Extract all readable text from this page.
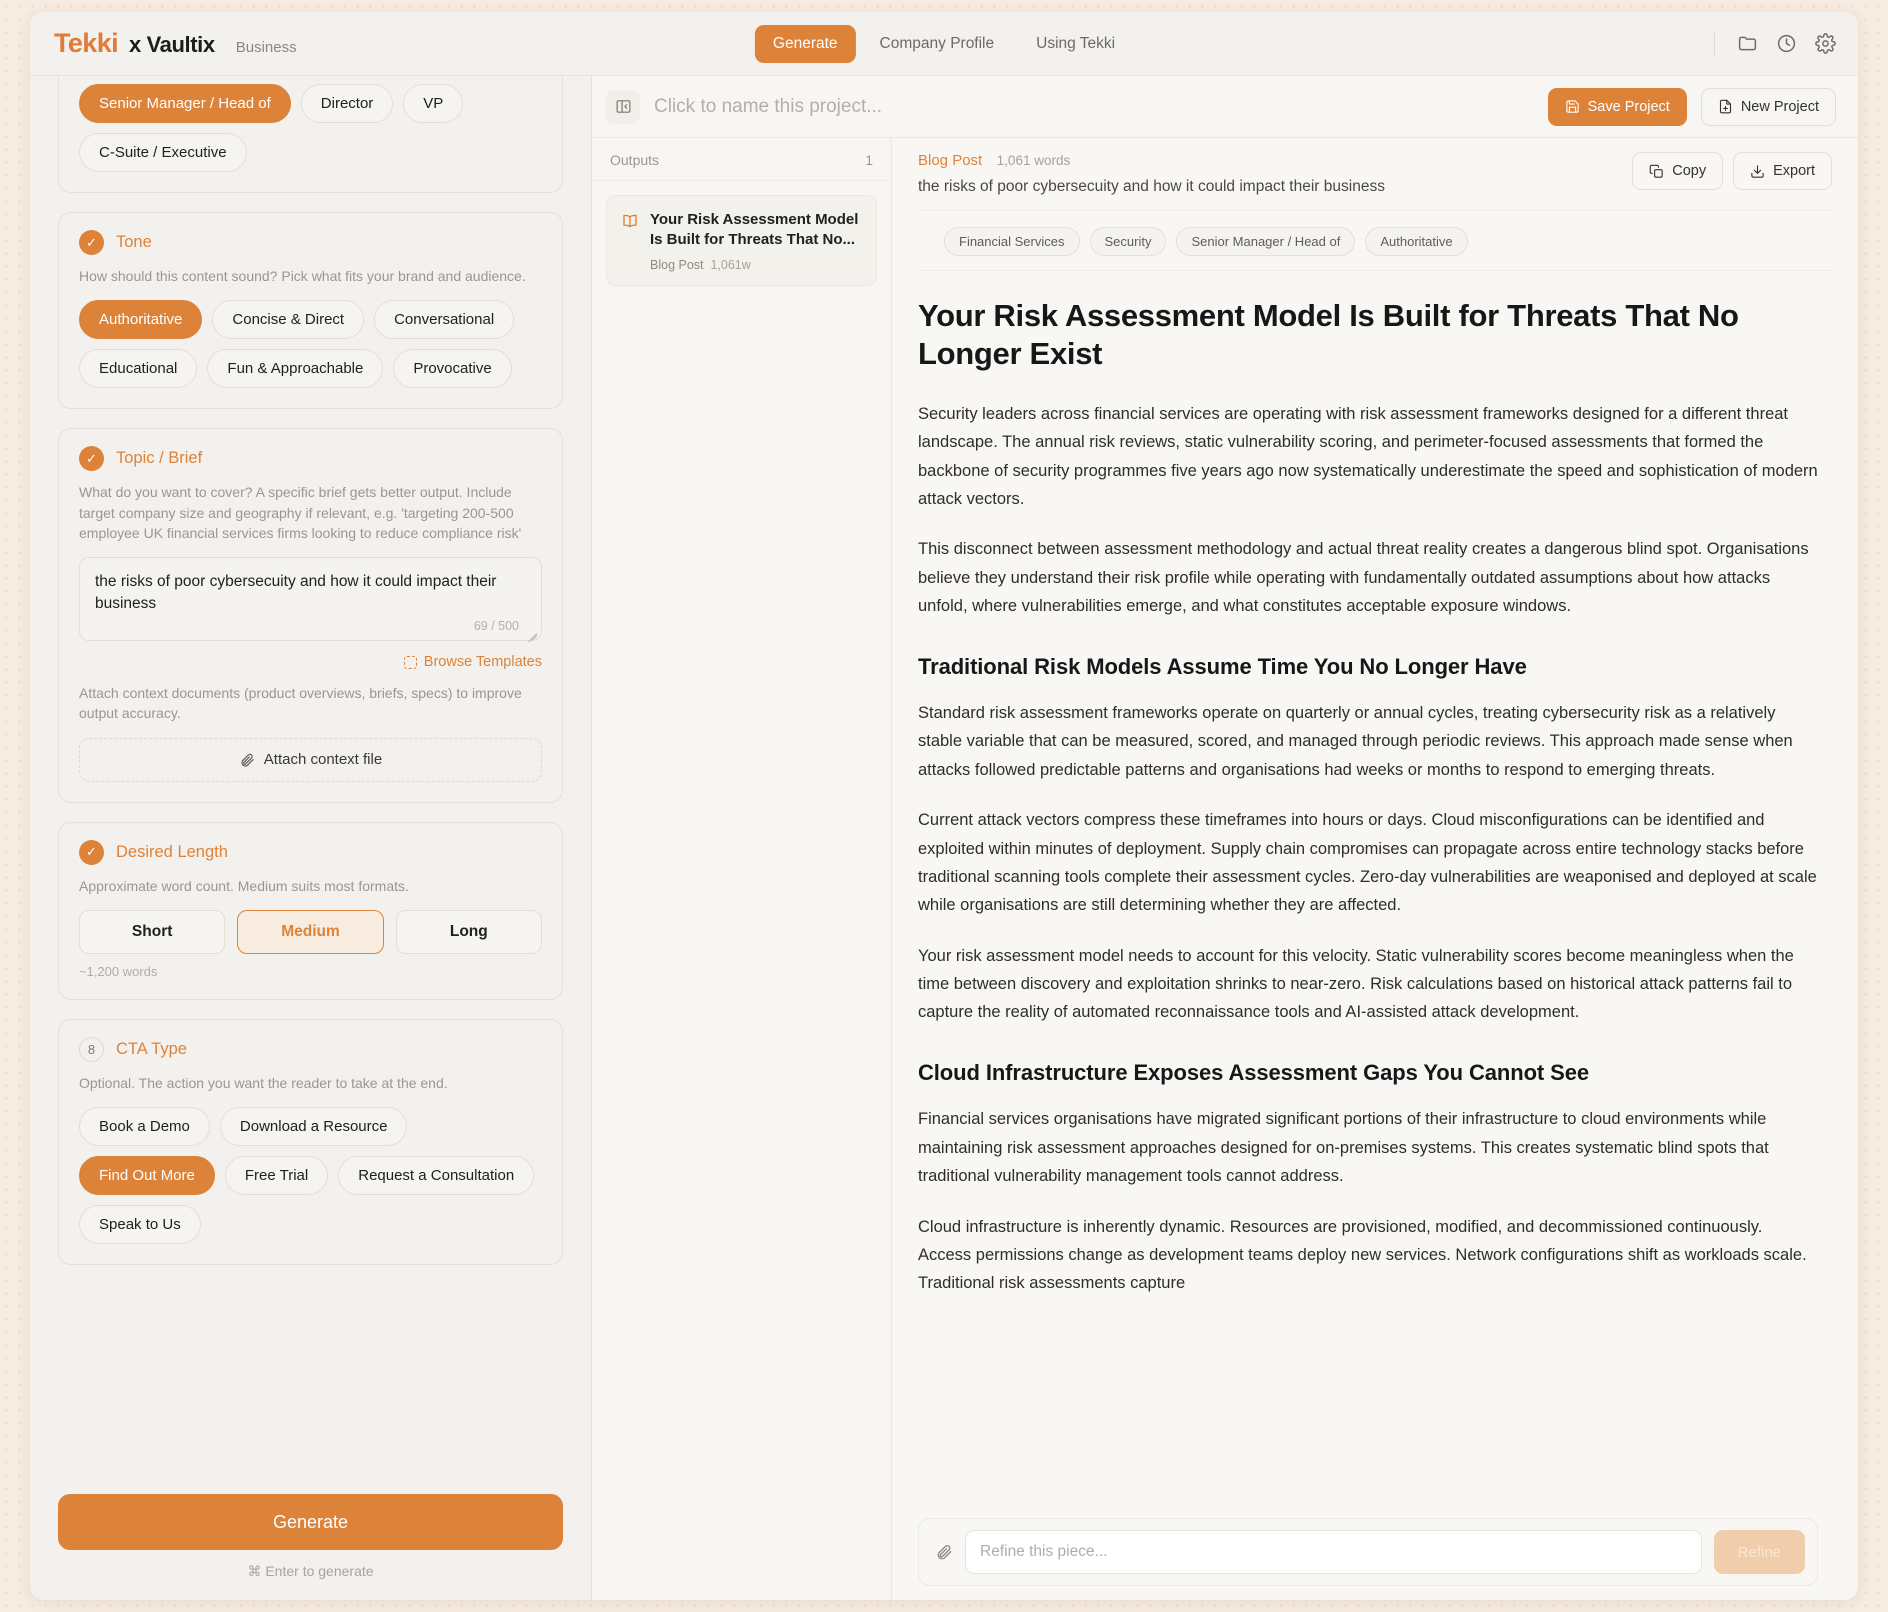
Tekki x Vaultix Business	Generate	Company Profile	Using Tekki
Senior Manager / Head of	Director	VP
C-Suite / Executive
✓	Tone
How should this content sound? Pick what fits your brand and audience.
Authoritative	Concise & Direct	Conversational
Educational	Fun & Approachable	Provocative
✓	Topic / Brief
What do you want to cover? A specific brief gets better output. Include target company size and geography if relevant, e.g. 'targeting 200-500 employee UK financial services firms looking to reduce compliance risk'
the risks of poor cybersecuity and how it could impact their business
69 / 500
Browse Templates
Attach context documents (product overviews, briefs, specs) to improve output accuracy.
Attach context file
✓	Desired Length
Approximate word count. Medium suits most formats.
Short	Medium	Long
~1,200 words
8	CTA Type
Optional. The action you want the reader to take at the end.
Book a Demo	Download a Resource
Find Out More	Free Trial	Request a Consultation
Speak to Us
Generate
⌘ Enter to generate
Click to name this project...	Save Project	New Project
Outputs	1
Your Risk Assessment Model Is Built for Threats That No...
Blog Post 1,061w
Blog Post 1,061 words
the risks of poor cybersecuity and how it could impact their business
Copy	Export
Financial Services	Security	Senior Manager / Head of	Authoritative
Your Risk Assessment Model Is Built for Threats That No Longer Exist

Security leaders across financial services are operating with risk assessment frameworks designed for a different threat landscape. The annual risk reviews, static vulnerability scoring, and perimeter-focused assessments that formed the backbone of security programmes five years ago now systematically underestimate the speed and sophistication of modern attack vectors.

This disconnect between assessment methodology and actual threat reality creates a dangerous blind spot. Organisations believe they understand their risk profile while operating with fundamentally outdated assumptions about how attacks unfold, where vulnerabilities emerge, and what constitutes acceptable exposure windows.

Traditional Risk Models Assume Time You No Longer Have

Standard risk assessment frameworks operate on quarterly or annual cycles, treating cybersecurity risk as a relatively stable variable that can be measured, scored, and managed through periodic reviews. This approach made sense when attacks followed predictable patterns and organisations had weeks or months to respond to emerging threats.

Current attack vectors compress these timeframes into hours or days. Cloud misconfigurations can be identified and exploited within minutes of deployment. Supply chain compromises can propagate across entire technology stacks before traditional scanning tools complete their assessment cycles. Zero-day vulnerabilities are weaponised and deployed at scale while organisations are still determining whether they are affected.

Your risk assessment model needs to account for this velocity. Static vulnerability scores become meaningless when the time between discovery and exploitation shrinks to near-zero. Risk calculations based on historical attack patterns fail to capture the reality of automated reconnaissance tools and AI-assisted attack development.

Cloud Infrastructure Exposes Assessment Gaps You Cannot See

Financial services organisations have migrated significant portions of their infrastructure to cloud environments while maintaining risk assessment approaches designed for on-premises systems. This creates systematic blind spots that traditional vulnerability management tools cannot address.

Cloud infrastructure is inherently dynamic. Resources are provisioned, modified, and decommissioned continuously. Access permissions change as development teams deploy new services. Network configurations shift as workloads scale. Traditional risk assessments capture

Refine this piece...
Refine
